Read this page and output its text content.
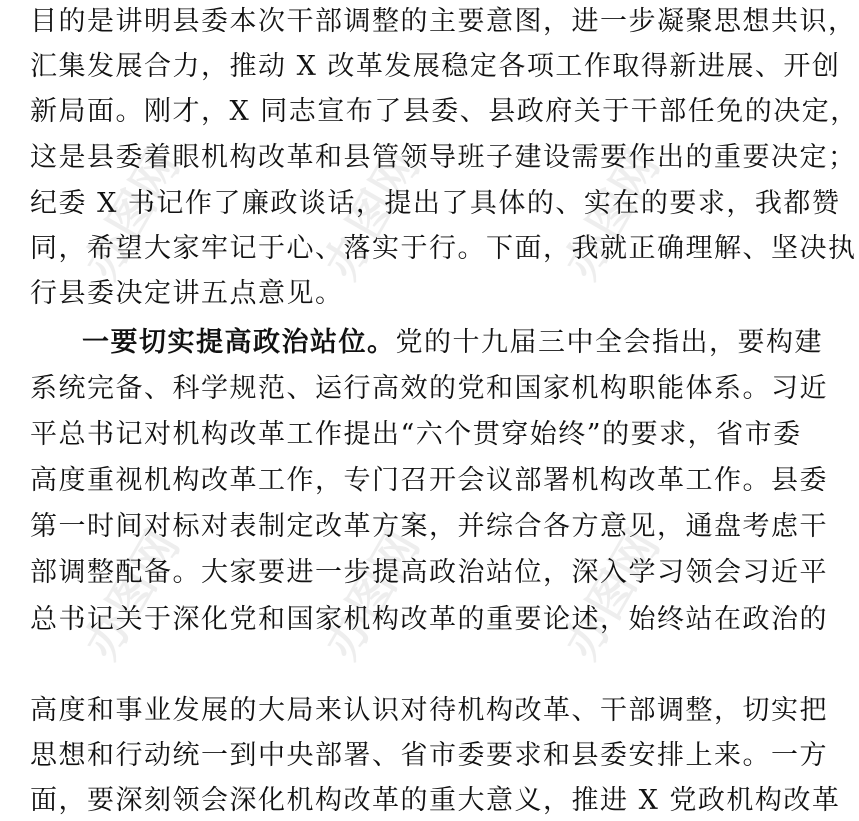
办图网	办图网	办图网
办图网	办图网	办图网
目的是讲明县委本次干部调整的主要意图，进一步凝聚思想共识，
汇集发展合力，推动 X 改革发展稳定各项工作取得新进展、开创
新局面。刚才，X 同志宣布了县委、县政府关于干部任免的决定，
这是县委着眼机构改革和县管领导班子建设需要作出的重要决定；
纪委 X 书记作了廉政谈话，提出了具体的、实在的要求，我都赞
同，希望大家牢记于心、落实于行。下面，我就正确理解、坚决执
行县委决定讲五点意见。
一要切实提高政治站位。党的十九届三中全会指出，要构建
系统完备、科学规范、运行高效的党和国家机构职能体系。习近
平总书记对机构改革工作提出“六个贯穿始终”的要求，省市委
高度重视机构改革工作，专门召开会议部署机构改革工作。县委
第一时间对标对表制定改革方案，并综合各方意见，通盘考虑干
部调整配备。大家要进一步提高政治站位，深入学习领会习近平
总书记关于深化党和国家机构改革的重要论述，始终站在政治的
高度和事业发展的大局来认识对待机构改革、干部调整，切实把
思想和行动统一到中央部署、省市委要求和县委安排上来。一方
面，要深刻领会深化机构改革的重大意义，推进 X 党政机构改革
